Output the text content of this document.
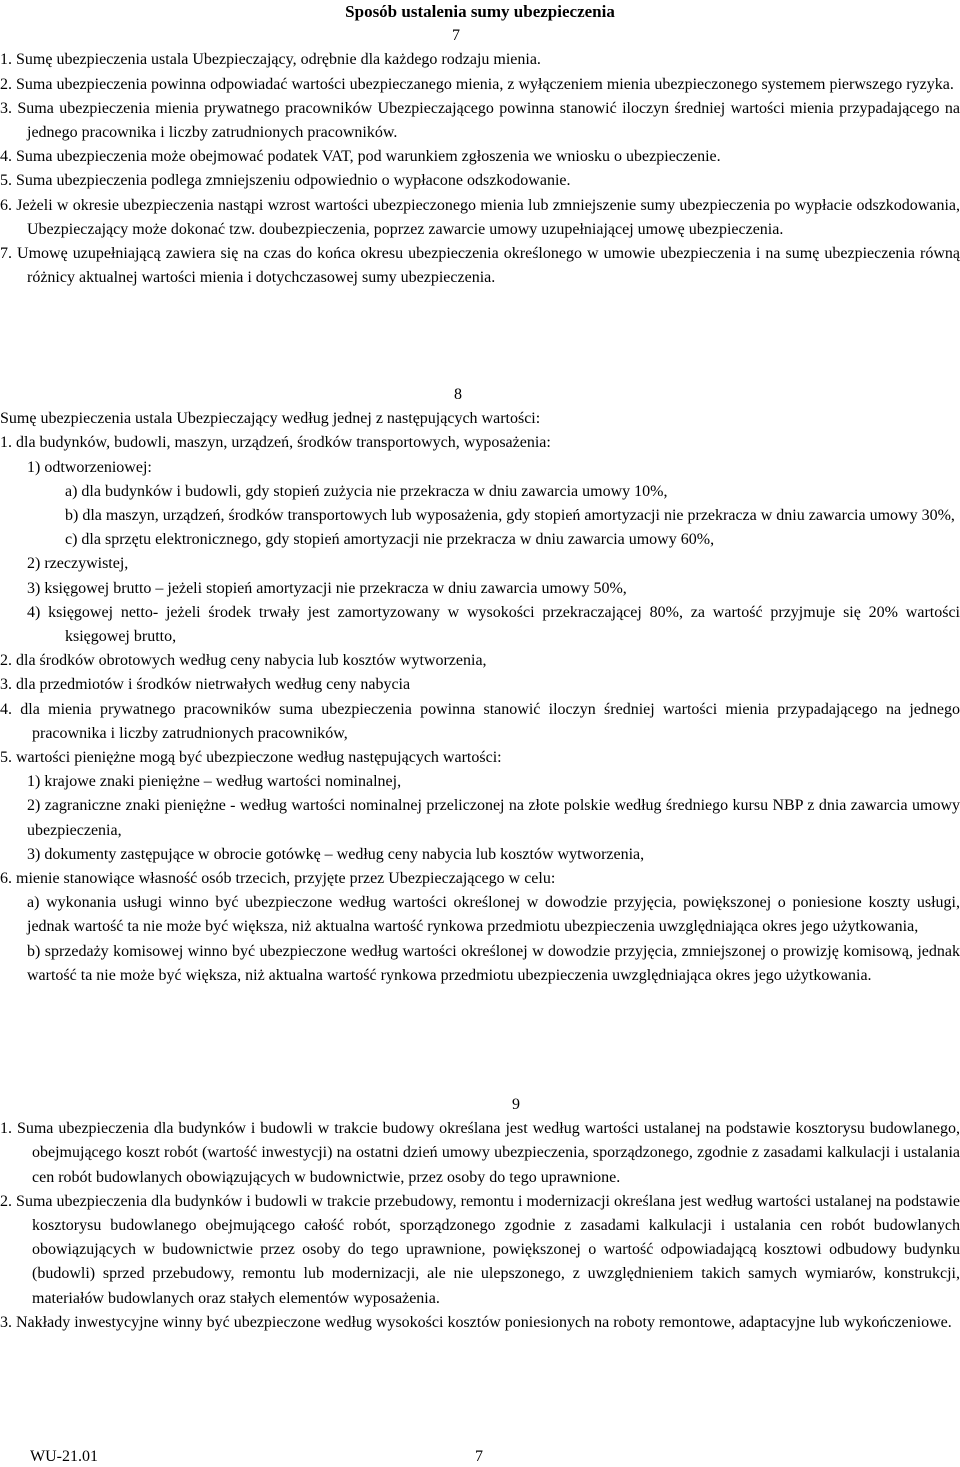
Sposób ustalenia sumy ubezpieczenia

7

1. Sumę ubezpieczenia ustala Ubezpieczający, odrębnie dla każdego rodzaju mienia.

2. Suma ubezpieczenia powinna odpowiadać wartości ubezpieczanego mienia, z wyłączeniem mienia ubezpieczonego systemem pierwszego ryzyka.

3. Suma ubezpieczenia mienia prywatnego pracowników Ubezpieczającego powinna stanowić iloczyn średniej wartości mienia przypadającego na jednego pracownika i liczby zatrudnionych pracowników.

4. Suma ubezpieczenia może obejmować podatek VAT, pod warunkiem zgłoszenia we wniosku o ubezpieczenie.

5. Suma ubezpieczenia podlega zmniejszeniu odpowiednio o wypłacone odszkodowanie.

6. Jeżeli w okresie ubezpieczenia nastąpi wzrost wartości ubezpieczonego mienia lub zmniejszenie sumy ubezpieczenia po wypłacie odszkodowania, Ubezpieczający może dokonać tzw. doubezpieczenia, poprzez zawarcie umowy uzupełniającej umowę ubezpieczenia.

7. Umowę uzupełniającą zawiera się na czas do końca okresu ubezpieczenia określonego w umowie ubezpieczenia i na sumę ubezpieczenia równą różnicy aktualnej wartości mienia i dotychczasowej sumy ubezpieczenia.

8

Sumę ubezpieczenia ustala Ubezpieczający według jednej z następujących wartości:

1. dla budynków, budowli, maszyn, urządzeń, środków transportowych, wyposażenia:

1) odtworzeniowej:

a) dla budynków i budowli, gdy stopień zużycia nie przekracza w dniu zawarcia umowy 10%,

b) dla maszyn, urządzeń, środków transportowych lub wyposażenia, gdy stopień amortyzacji nie przekracza w dniu zawarcia umowy 30%,

c) dla sprzętu elektronicznego, gdy stopień amortyzacji nie przekracza w dniu zawarcia umowy 60%,

2) rzeczywistej,

3) księgowej brutto – jeżeli stopień amortyzacji nie przekracza w dniu zawarcia umowy 50%,

4) księgowej netto- jeżeli środek trwały jest zamortyzowany w wysokości przekraczającej 80%, za wartość przyjmuje się 20% wartości księgowej brutto,

2. dla środków obrotowych według ceny nabycia lub kosztów wytworzenia,

3. dla przedmiotów i środków nietrwałych według ceny nabycia

4. dla mienia prywatnego pracowników suma ubezpieczenia powinna stanowić iloczyn średniej wartości mienia przypadającego na jednego pracownika i liczby zatrudnionych pracowników,

5. wartości pieniężne mogą być ubezpieczone według następujących wartości:

1) krajowe znaki pieniężne – według wartości nominalnej,

2) zagraniczne znaki pieniężne - według wartości nominalnej przeliczonej na złote polskie według średniego kursu NBP z dnia zawarcia umowy ubezpieczenia,

3) dokumenty zastępujące w obrocie gotówkę – według ceny nabycia lub kosztów wytworzenia,

6. mienie stanowiące własność osób trzecich, przyjęte przez Ubezpieczającego w celu:

a) wykonania usługi winno być ubezpieczone według wartości określonej w dowodzie przyjęcia, powiększonej o poniesione koszty usługi, jednak wartość ta nie może być większa, niż aktualna wartość rynkowa przedmiotu ubezpieczenia uwzględniająca okres jego użytkowania,

b) sprzedaży komisowej winno być ubezpieczone według wartości określonej w dowodzie przyjęcia, zmniejszonej o prowizję komisową, jednak wartość ta nie może być większa, niż aktualna wartość rynkowa przedmiotu ubezpieczenia uwzględniająca okres jego użytkowania.

9

1. Suma ubezpieczenia dla budynków i budowli w trakcie budowy określana jest według wartości ustalanej na podstawie kosztorysu budowlanego, obejmującego koszt robót (wartość inwestycji) na ostatni dzień umowy ubezpieczenia, sporządzonego, zgodnie z zasadami kalkulacji i ustalania cen robót budowlanych obowiązujących w budownictwie, przez osoby do tego uprawnione.

2. Suma ubezpieczenia dla budynków i budowli w trakcie przebudowy, remontu i modernizacji określana jest według wartości ustalanej na podstawie kosztorysu budowlanego obejmującego całość robót, sporządzonego zgodnie z zasadami kalkulacji i ustalania cen robót budowlanych obowiązujących w budownictwie przez osoby do tego uprawnione, powiększonej o wartość odpowiadającą kosztowi odbudowy budynku (budowli) sprzed przebudowy, remontu lub modernizacji, ale nie ulepszonego, z uwzględnieniem takich samych wymiarów, konstrukcji, materiałów budowlanych oraz stałych elementów wyposażenia.

3. Nakłady inwestycyjne winny być ubezpieczone według wysokości kosztów poniesionych na roboty remontowe, adaptacyjne lub wykończeniowe.

WU-21.01	7
